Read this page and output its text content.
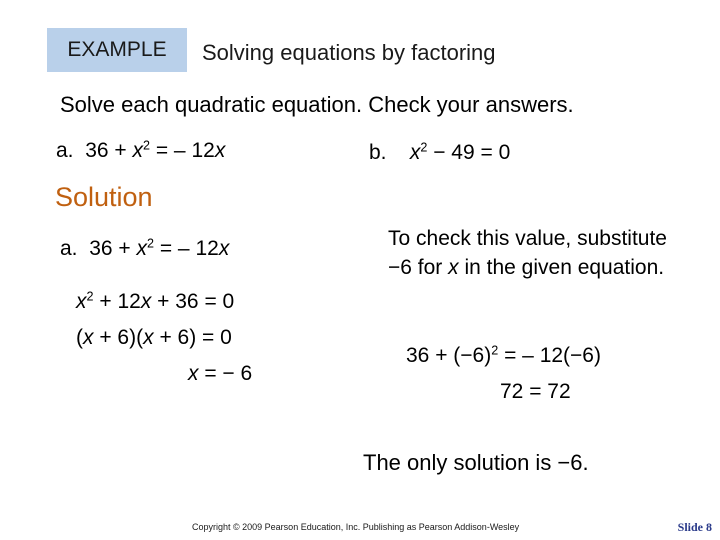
EXAMPLE Solving equations by factoring
Solve each quadratic equation. Check your answers.
a. $36 + x^2$ = – 12x	b. $x^2 - 49 = 0$
Solution
a. $36 + x^2$ = – 12x
$x^2 + 12x + 36 = 0$
(x + 6)(x + 6) = 0
x = − 6
To check this value, substitute −6 for x in the given equation.
$36 + (-6)^2$ = – 12(−6)
72 = 72
The only solution is −6.
Copyright © 2009 Pearson Education, Inc. Publishing as Pearson Addison-Wesley	Slide 8
